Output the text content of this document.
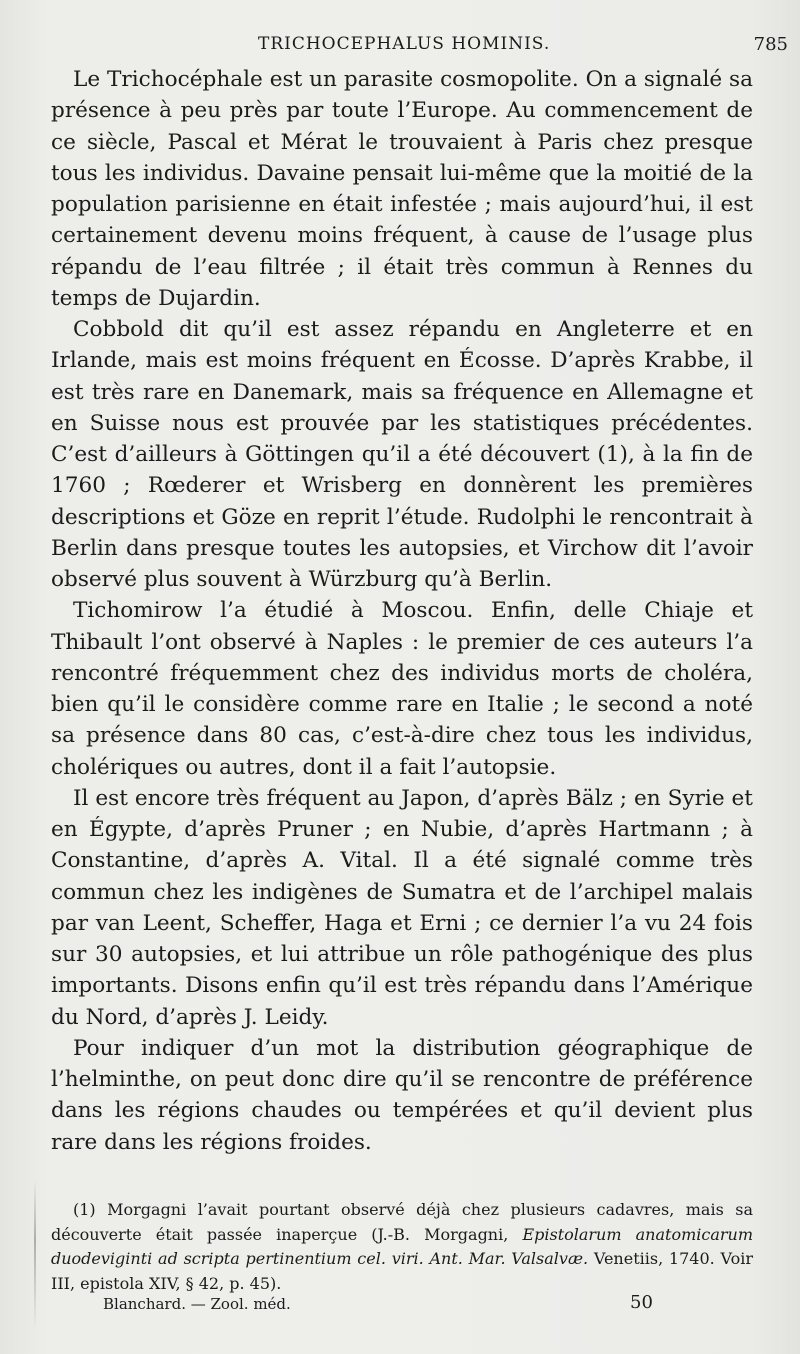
TRICHOCEPHALUS HOMINIS.	785

Le Trichocéphale est un parasite cosmopolite. On a signalé sa présence à peu près par toute l’Europe. Au commencement de ce siècle, Pascal et Mérat le trouvaient à Paris chez presque tous les individus. Davaine pensait lui-même que la moitié de la population parisienne en était infestée ; mais aujourd’hui, il est certainement devenu moins fréquent, à cause de l’usage plus répandu de l’eau filtrée ; il était très commun à Rennes du temps de Dujardin.

Cobbold dit qu’il est assez répandu en Angleterre et en Irlande, mais est moins fréquent en Écosse. D’après Krabbe, il est très rare en Danemark, mais sa fréquence en Allemagne et en Suisse nous est prouvée par les statistiques précédentes. C’est d’ailleurs à Göttingen qu’il a été découvert (1), à la fin de 1760 ; Rœderer et Wrisberg en donnèrent les premières descriptions et Göze en reprit l’étude. Rudolphi le rencontrait à Berlin dans presque toutes les autopsies, et Virchow dit l’avoir observé plus souvent à Würzburg qu’à Berlin.

Tichomirow l’a étudié à Moscou. Enfin, delle Chiaje et Thibault l’ont observé à Naples : le premier de ces auteurs l’a rencontré fréquemment chez des individus morts de choléra, bien qu’il le considère comme rare en Italie ; le second a noté sa présence dans 80 cas, c’est-à-dire chez tous les individus, cholériques ou autres, dont il a fait l’autopsie.

Il est encore très fréquent au Japon, d’après Bälz ; en Syrie et en Égypte, d’après Pruner ; en Nubie, d’après Hartmann ; à Constantine, d’après A. Vital. Il a été signalé comme très commun chez les indigènes de Sumatra et de l’archipel malais par van Leent, Scheffer, Haga et Erni ; ce dernier l’a vu 24 fois sur 30 autopsies, et lui attribue un rôle pathogénique des plus importants. Disons enfin qu’il est très répandu dans l’Amérique du Nord, d’après J. Leidy.

Pour indiquer d’un mot la distribution géographique de l’helminthe, on peut donc dire qu’il se rencontre de préférence dans les régions chaudes ou tempérées et qu’il devient plus rare dans les régions froides.

(1) Morgagni l’avait pourtant observé déjà chez plusieurs cadavres, mais sa découverte était passée inaperçue (J.-B. Morgagni, Epistolarum anatomicarum duodeviginti ad scripta pertinentium cel. viri. Ant. Mar. Valsalvæ. Venetiis, 1740. Voir III, epistola XIV, § 42, p. 45).

Blanchard. — Zool. méd.	50
